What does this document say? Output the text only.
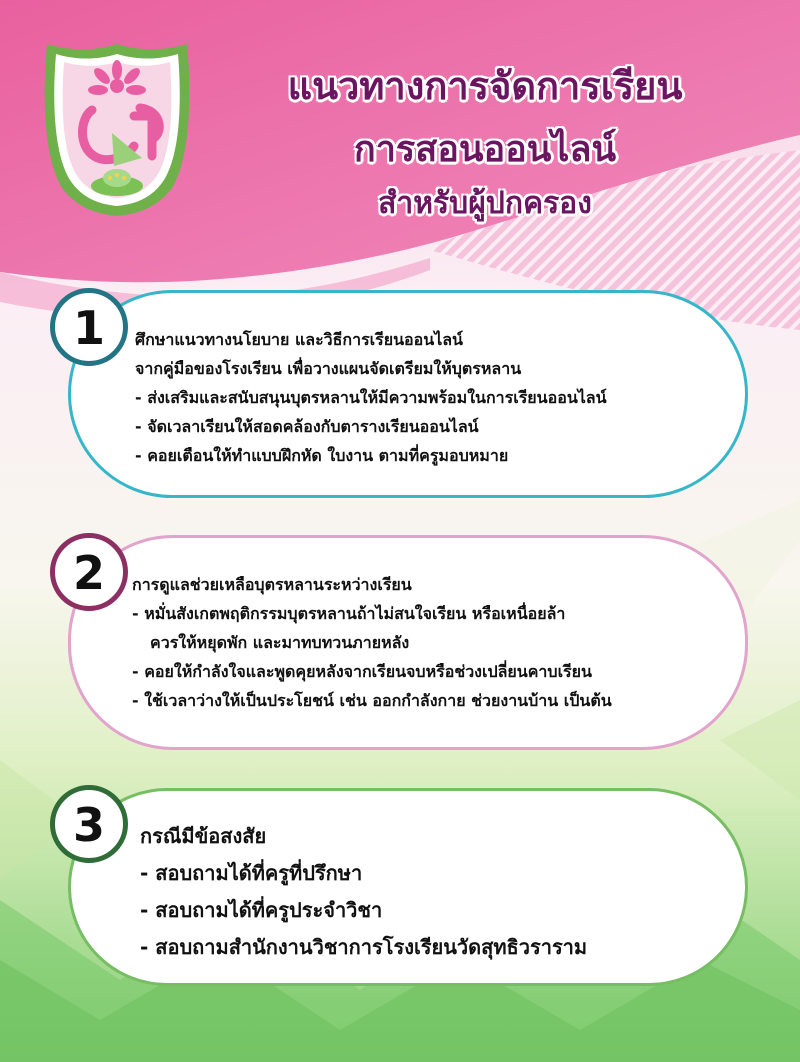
แนวทางการจัดการเรียน
การสอนออนไลน์
สำหรับผู้ปกครอง
1	ศึกษาแนวทางนโยบาย และวิธีการเรียนออนไลน์
จากคู่มือของโรงเรียน เพื่อวางแผนจัดเตรียมให้บุตรหลาน
- ส่งเสริมและสนับสนุนบุตรหลานให้มีความพร้อมในการเรียนออนไลน์
- จัดเวลาเรียนให้สอดคล้องกับตารางเรียนออนไลน์
- คอยเตือนให้ทำแบบฝึกหัด ใบงาน ตามที่ครูมอบหมาย
2	การดูแลช่วยเหลือบุตรหลานระหว่างเรียน
- หมั่นสังเกตพฤติกรรมบุตรหลานถ้าไม่สนใจเรียน หรือเหนื่อยล้า
ควรให้หยุดพัก และมาทบทวนภายหลัง
- คอยให้กำลังใจและพูดคุยหลังจากเรียนจบหรือช่วงเปลี่ยนคาบเรียน
- ใช้เวลาว่างให้เป็นประโยชน์ เช่น ออกกำลังกาย ช่วยงานบ้าน เป็นต้น
3	กรณีมีข้อสงสัย
- สอบถามได้ที่ครูที่ปรึกษา
- สอบถามได้ที่ครูประจำวิชา
- สอบถามสำนักงานวิชาการโรงเรียนวัดสุทธิวราราม
